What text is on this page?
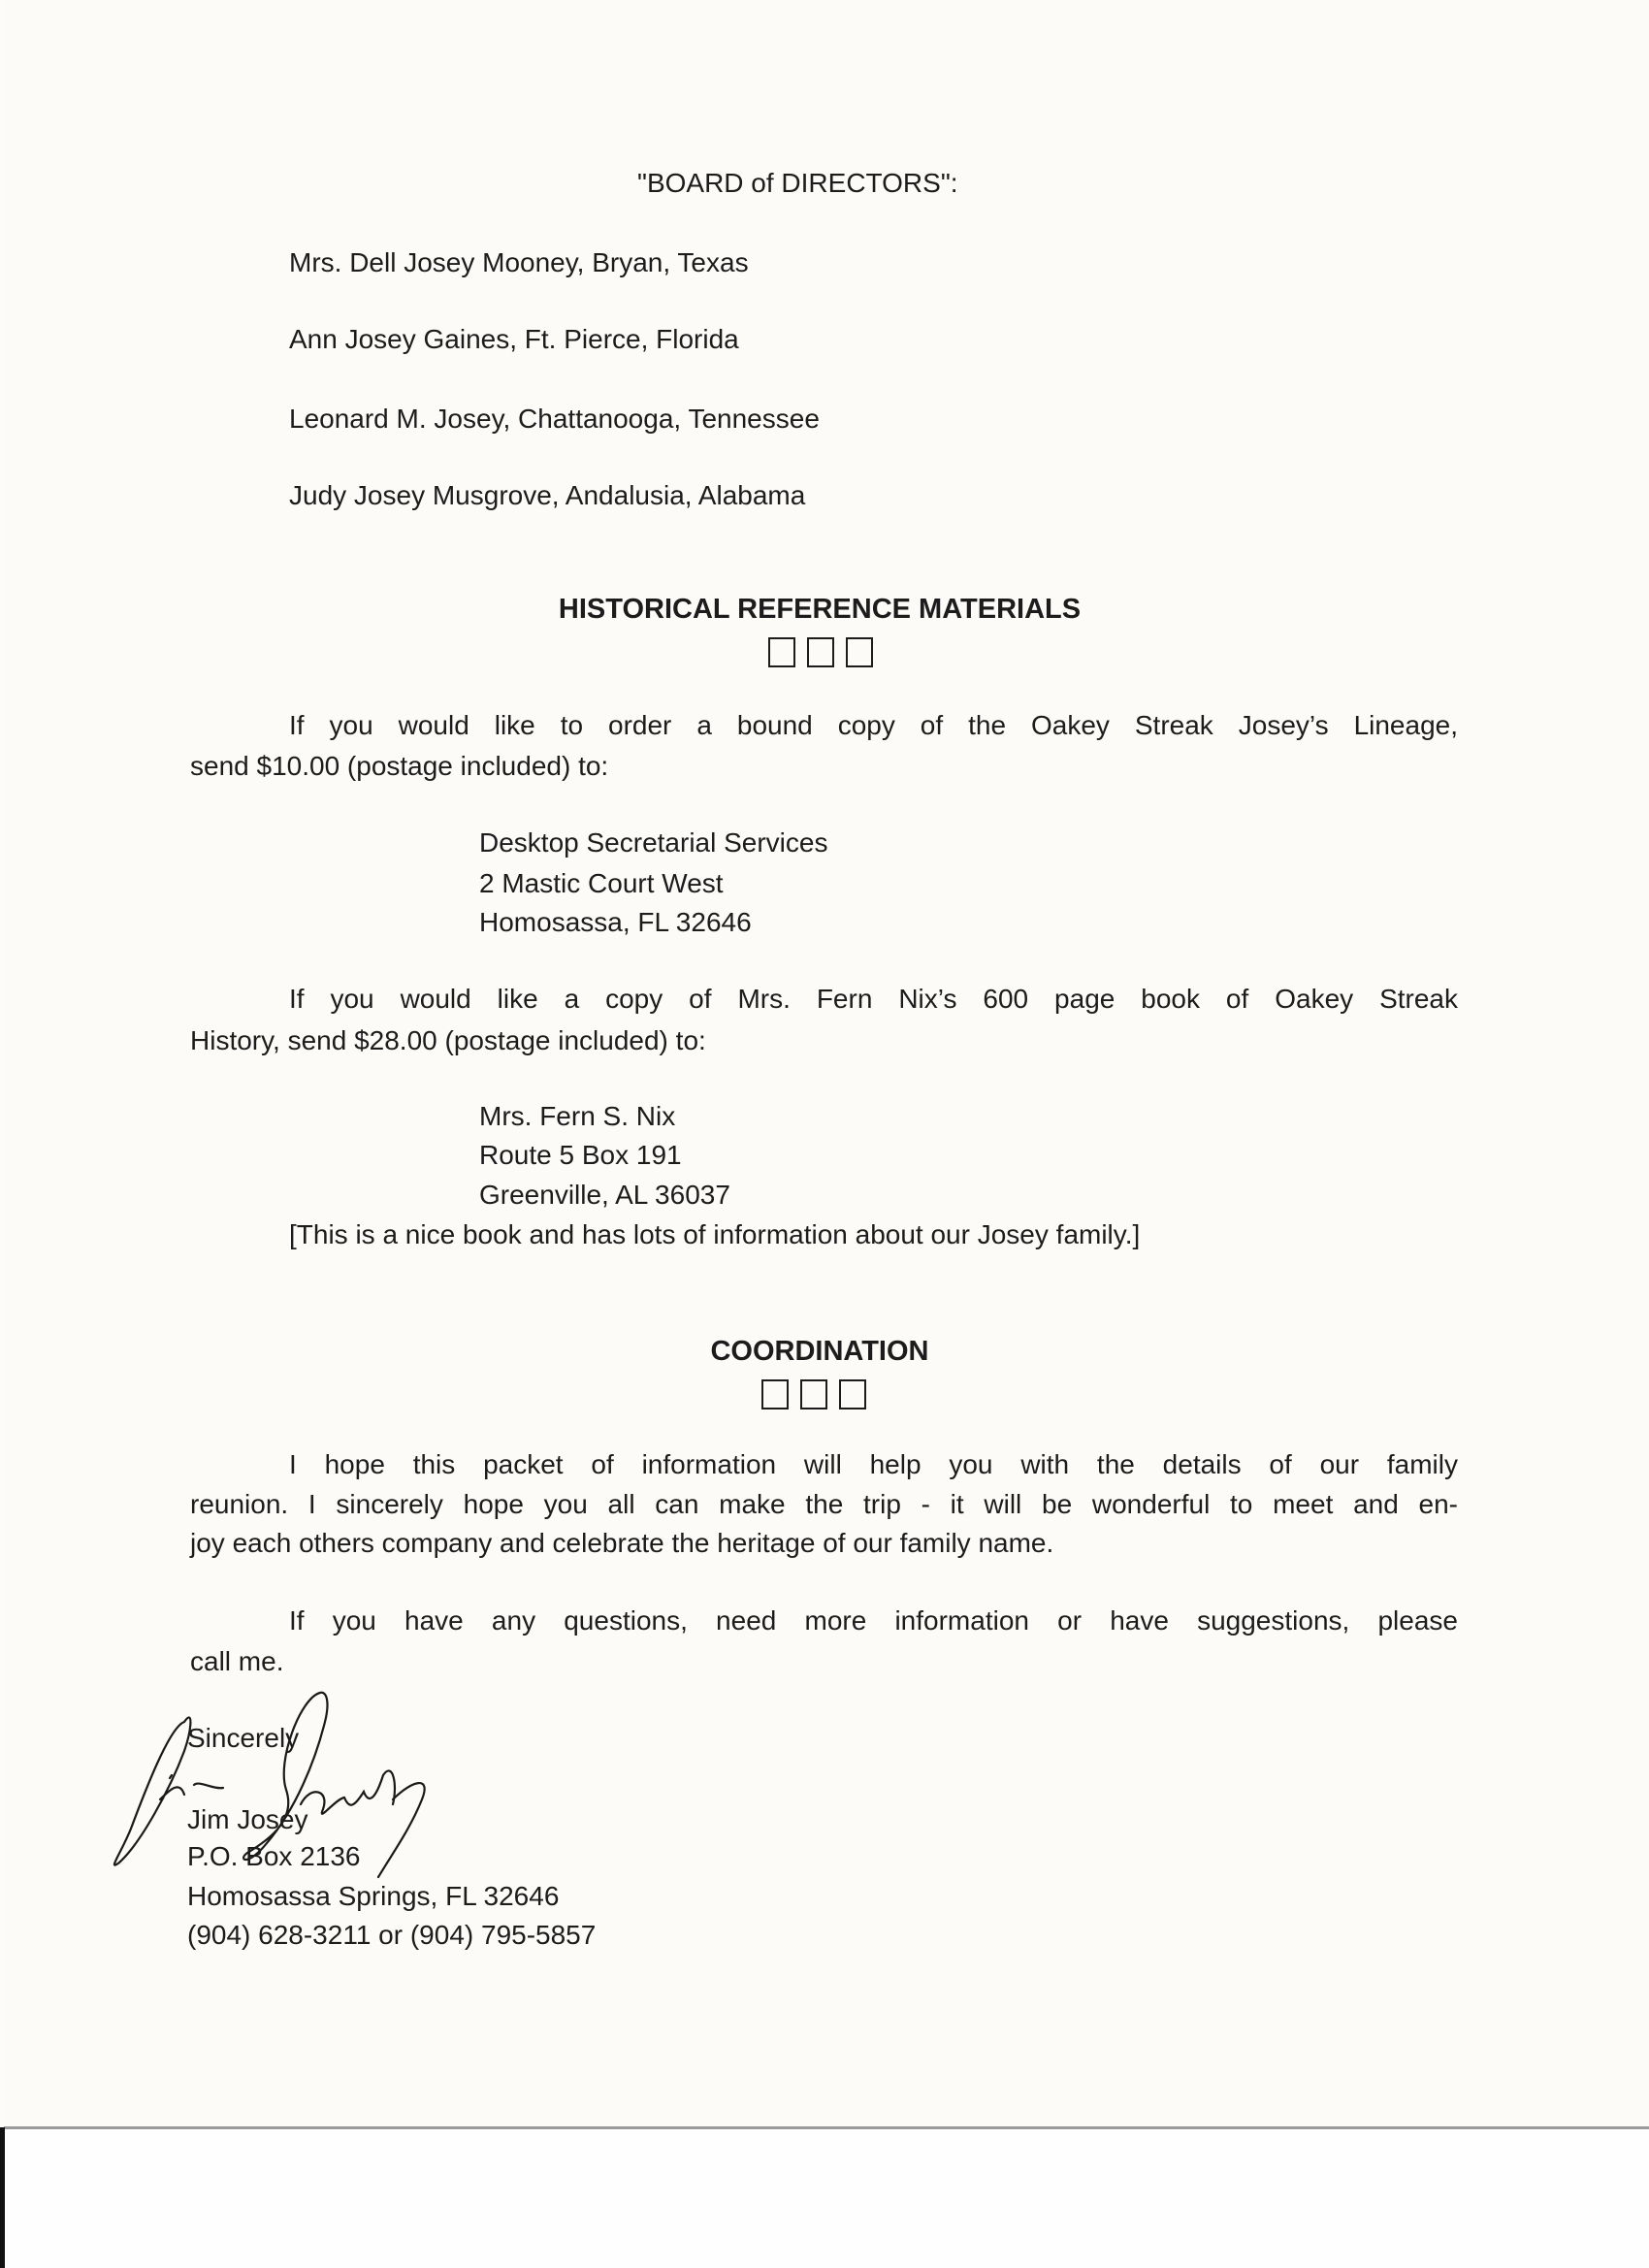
"BOARD of DIRECTORS":
Mrs. Dell Josey Mooney, Bryan, Texas
Ann Josey Gaines, Ft. Pierce, Florida
Leonard M. Josey, Chattanooga, Tennessee
Judy Josey Musgrove, Andalusia, Alabama
HISTORICAL REFERENCE MATERIALS
If you would like to order a bound copy of the Oakey Streak Josey’s Lineage,
send $10.00 (postage included) to:
Desktop Secretarial Services
2 Mastic Court West
Homosassa, FL 32646
If you would like a copy of Mrs. Fern Nix’s 600 page book of Oakey Streak
History, send $28.00 (postage included) to:
Mrs. Fern S. Nix
Route 5 Box 191
Greenville, AL 36037
[This is a nice book and has lots of information about our Josey family.]
COORDINATION
I hope this packet of information will help you with the details of our family
reunion. I sincerely hope you all can make the trip - it will be wonderful to meet and en-
joy each others company and celebrate the heritage of our family name.
If you have any questions, need more information or have suggestions, please
call me.
Sincerely
Jim Josey
P.O. Box 2136
Homosassa Springs, FL 32646
(904) 628-3211 or (904) 795-5857
